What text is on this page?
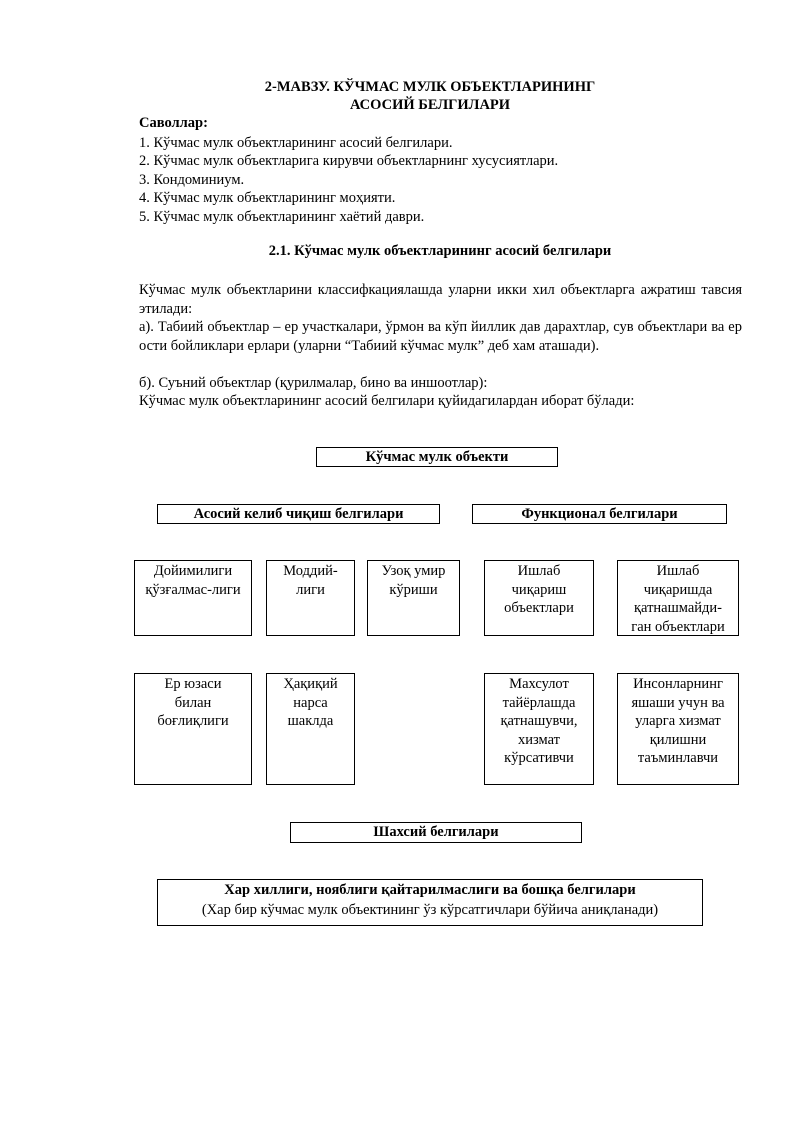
2-МАВЗУ. КЎЧМАС МУЛК ОБЪЕКТЛАРИНИНГ
АСОСИЙ БЕЛГИЛАРИ
Саволлар:
1. Кўчмас мулк объектларининг асосий белгилари.
2. Кўчмас мулк объектларига кирувчи объектларнинг хусусиятлари.
3. Кондоминиум.
4. Кўчмас мулк объектларининг моҳияти.
5. Кўчмас мулк объектларининг хаётий даври.
2.1. Кўчмас мулк объектларининг асосий белгилари
Кўчмас мулк объектларини классифкациялашда уларни икки хил объектларга ажратиш тавсия этилади:
а). Табиий объектлар – ер участкалари, ўрмон ва кўп йиллик дав дарахтлар, сув объектлари ва ер ости бойликлари ерлари (уларни “Табиий кўчмас мулк” деб хам аташади).
б). Суъний объектлар (қурилмалар, бино ва иншоотлар):
Кўчмас мулк объектларининг асосий белгилари қуйидагилардан иборат бўлади:
Кўчмас мулк объекти
Асосий келиб чиқиш белгилари	Функционал белгилари
Дойимилиги қўзғалмас-лиги
Моддий-лиги
Узоқ умир кўриши
Ишлаб чиқариш объектлари
Ишлаб чиқаришда қатнашмайди-ган объектлари
Ер юзаси билан боғлиқлиги
Ҳақиқий нарса шаклда
Махсулот тайёрлашда қатнашувчи, хизмат кўрсативчи
Инсонларнинг яшаши учун ва уларга хизмат қилишни таъминлавчи
Шахсий белгилари
Хар хиллиги, нояблиги қайтарилмаслиги ва бошқа белгилари
(Хар бир кўчмас мулк объектининг ўз кўрсатгичлари бўйича аниқланади)
